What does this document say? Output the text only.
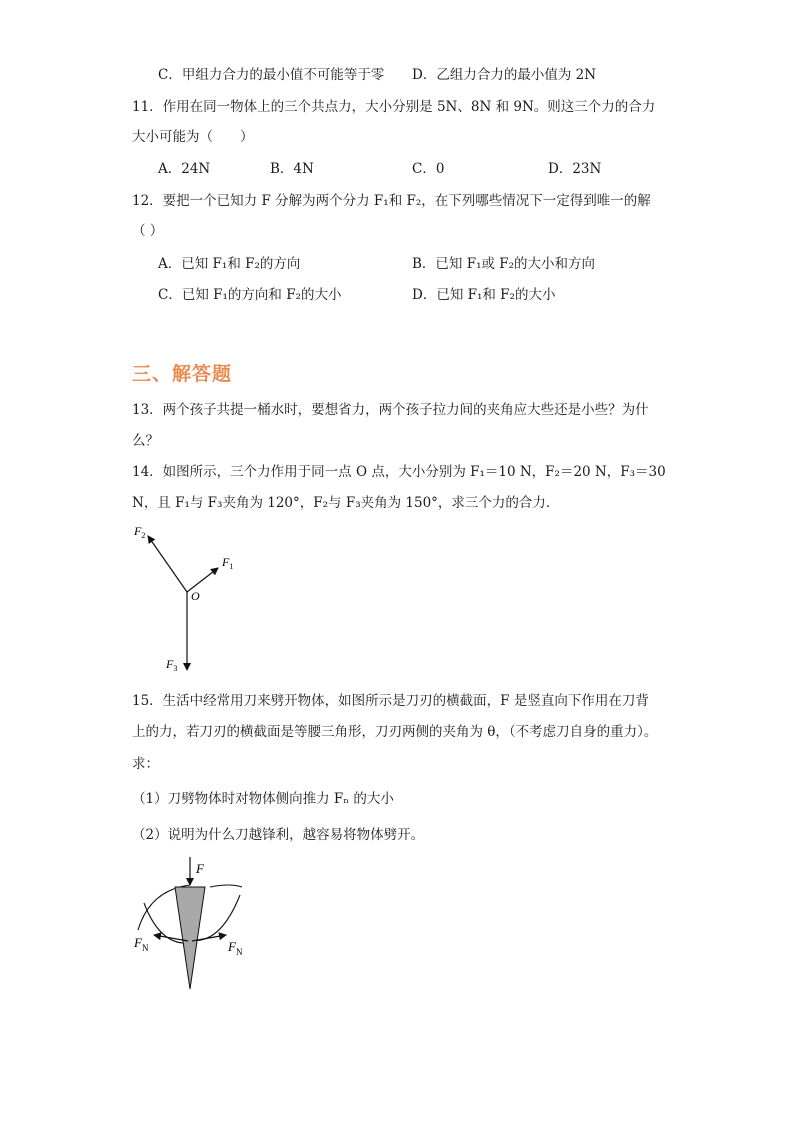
C．甲组力合力的最小值不可能等于零 D．乙组力合力的最小值为 2N
11．作用在同一物体上的三个共点力，大小分别是 5N、8N 和 9N。则这三个力的合力
大小可能为（　　）
A．24N	B．4N	C．0	D．23N
12．要把一个已知力 F 分解为两个分力 F₁和 F₂，在下列哪些情况下一定得到唯一的解
（ ）
A．已知 F₁和 F₂的方向	B．已知 F₁或 F₂的大小和方向
C．已知 F₁的方向和 F₂的大小	D．已知 F₁和 F₂的大小
三、解答题
13．两个孩子共提一桶水时，要想省力，两个孩子拉力间的夹角应大些还是小些？为什
么？
14．如图所示，三个力作用于同一点 O 点，大小分别为 F₁＝10 N，F₂＝20 N，F₃＝30
N，且 F₁与 F₃夹角为 120°，F₂与 F₃夹角为 150°，求三个力的合力．
$F_2$
$F_1$
O
$F_3$
15．生活中经常用刀来劈开物体，如图所示是刀刃的横截面，F 是竖直向下作用在刀背
上的力，若刀刃的横截面是等腰三角形，刀刃两侧的夹角为 θ，（不考虑刀自身的重力）。
求：
（1）刀劈物体时对物体侧向推力 Fₙ 的大小
（2）说明为什么刀越锋利，越容易将物体劈开。
F
$F_N$	$F_N$
